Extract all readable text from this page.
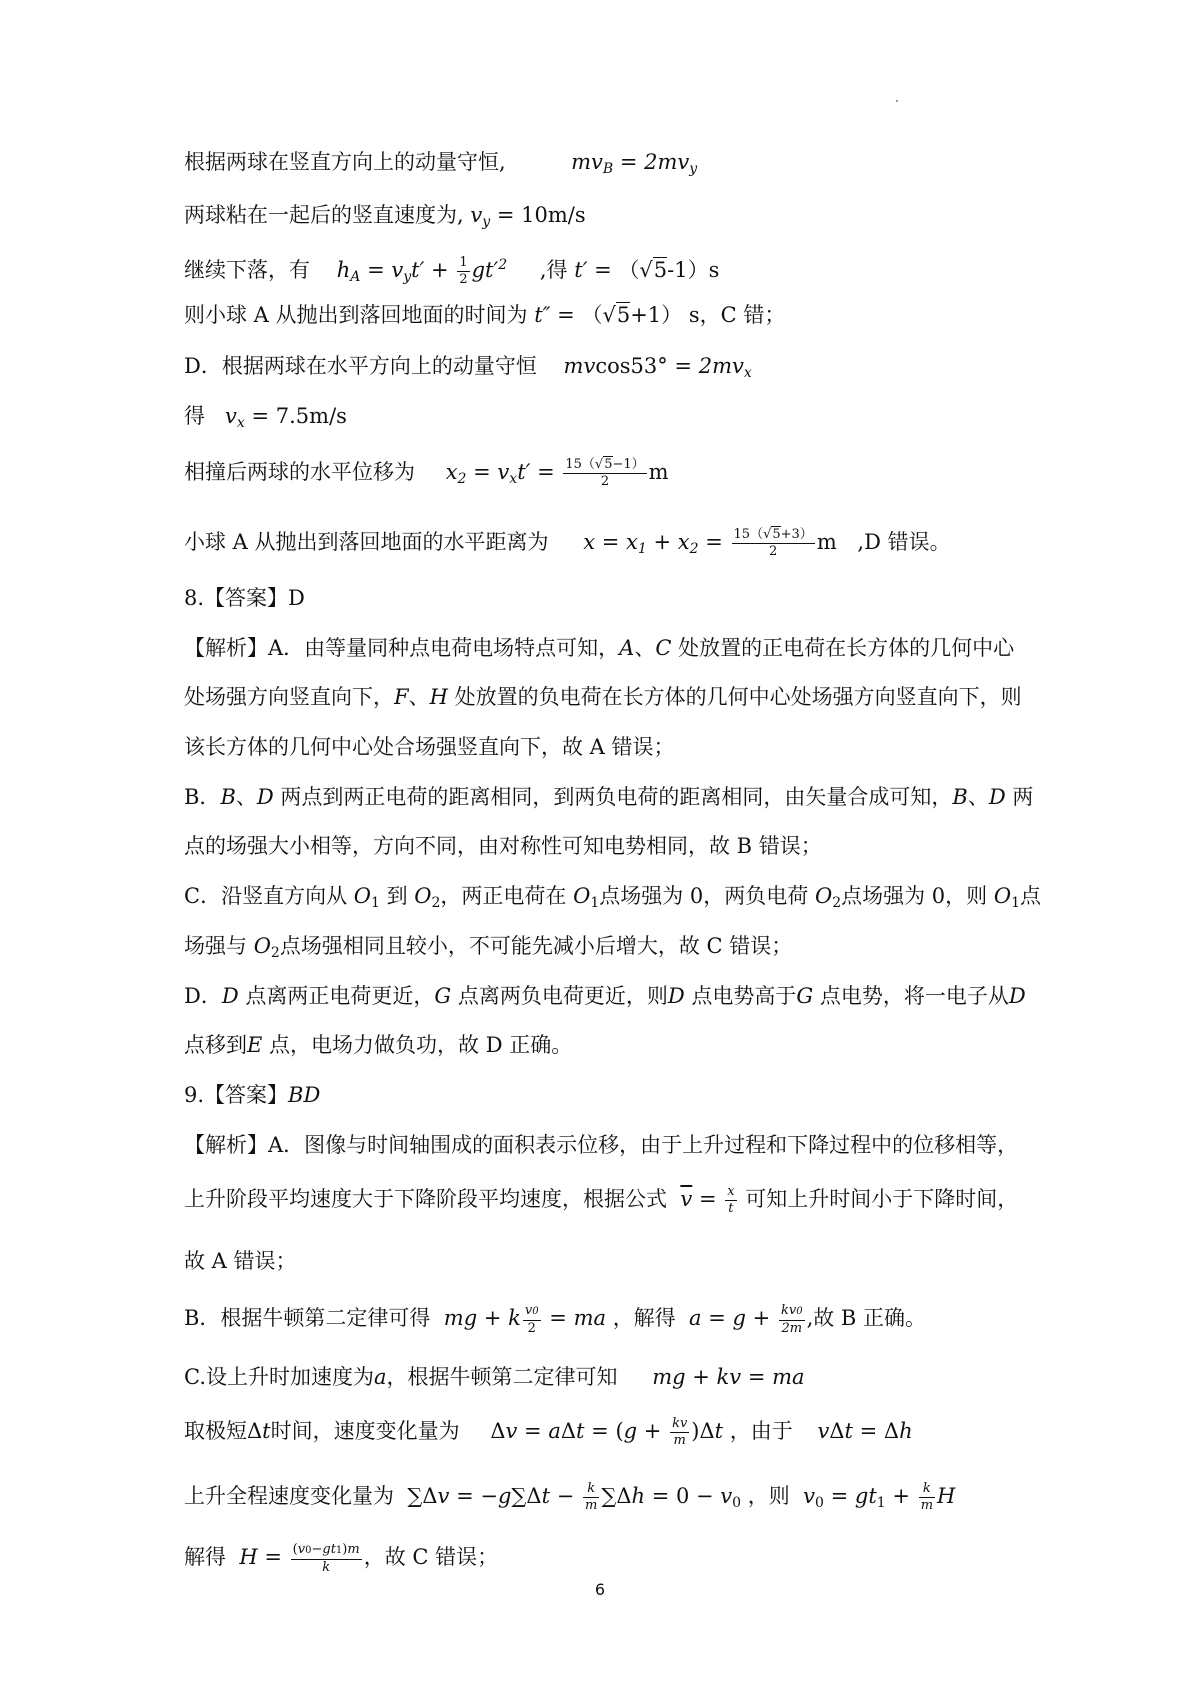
根据两球在竖直方向上的动量守恒,	$mv_B = 2mv_y$
两球粘在一起后的竖直速度为, $v_y = 10m/s$
继续下落，有    $h_A = v_yt' + \frac{1}{2} gt'^2$ ,得 t′ = （√5-1）s
则小球 A 从抛出到落回地面的时间为 t″ = （√5+1） s，C 错；
D．根据两球在水平方向上的动量守恒    $mvcos53^\circ = 2mv_x$
得   $v_x = 7.5m/s$
相撞后两球的水平位移为 $x_2 = v_xt' = \frac{15(√5-1)}{2}$ m
小球 A 从抛出到落回地面的水平距离为 $x = x_1 + x_2 = \frac{15(√5+3)}{2}$ m ,D 错误。
8.【答案】D
【解析】A．由等量同种点电荷电场特点可知，A、C 处放置的正电荷在长方体的几何中心
处场强方向竖直向下，F、H 处放置的负电荷在长方体的几何中心处场强方向竖直向下，则
该长方体的几何中心处合场强竖直向下，故 A 错误；
B．B、D 两点到两正电荷的距离相同，到两负电荷的距离相同，由矢量合成可知，B、D 两
点的场强大小相等，方向不同，由对称性可知电势相同，故 B 错误；
C．沿竖直方向从 $O_1$ 到 $O_2$，两正电荷在 $O_1$点场强为 0，两负电荷 $O_2$点场强为 0，则 $O_1$点
场强与 $O_2$点场强相同且较小，不可能先减小后增大，故 C 错误；
D．D 点离两正电荷更近，G 点离两负电荷更近，则D 点电势高于G 点电势，将一电子从D
点移到E 点，电场力做负功，故 D 正确。
9.【答案】BD
【解析】A．图像与时间轴围成的面积表示位移，由于上升过程和下降过程中的位移相等，
上升阶段平均速度大于下降阶段平均速度，根据公式 $\overline{v} = \frac{x}{t}$ 可知上升时间小于下降时间，
故 A 错误；
B．根据牛顿第二定律可得  mg + k $\frac{v0}{2}$ = ma ，解得  $a = g + \frac{kv0}{2m}$ ,故 B 正确。
C.设上升时加速度为a，根据牛顿第二定律可知 mg + kv = ma
取极短Δt时间，速度变化量为 $\Delta v = a\Delta t = (g + \frac{kv}{m} )\Delta t$ ，由于 vΔt = Δh
上升全程速度变化量为 $\sum\Delta v = -g\sum\Delta t - \frac{k}{m} \sum\Delta h = 0 - v_0$ ，则  $v_0 = gt_1 + \frac{k}{m}$ H
解得  $H = \frac{(v0-gt1)m}{k}$ ，故 C 错误；
6
